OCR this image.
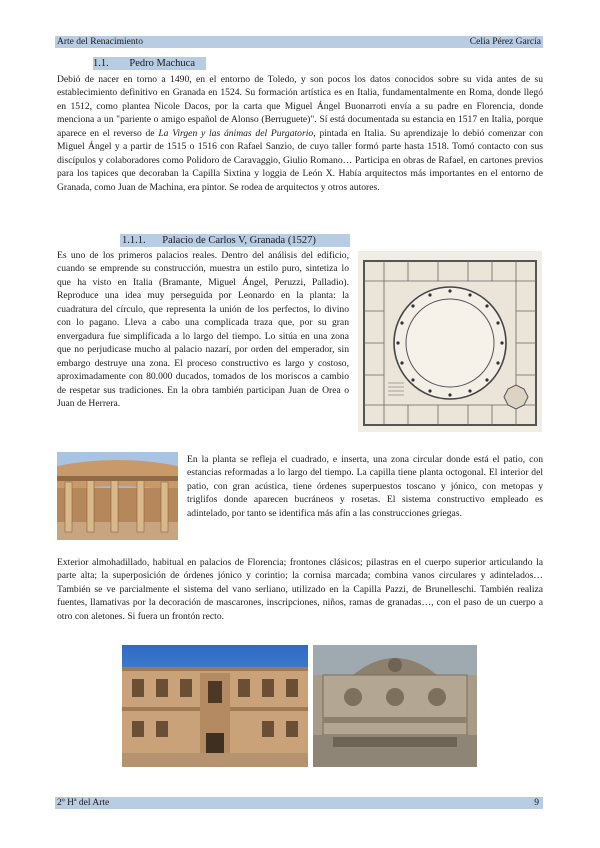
Arte del Renacimiento	Celia Pérez García
1.1. Pedro Machuca

Debió de nacer en torno a 1490, en el entorno de Toledo, y son pocos los datos conocidos sobre su vida antes de su establecimiento definitivo en Granada en 1524. Su formación artística es en Italia, fundamentalmente en Roma, donde llegó en 1512, como plantea Nicole Dacos, por la carta que Miguel Ángel Buonarroti envía a su padre en Florencia, donde menciona a un "pariente o amigo español de Alonso (Berruguete)". Sí está documentada su estancia en 1517 en Italia, porque aparece en el reverso de La Virgen y las ánimas del Purgatorio, pintada en Italia. Su aprendizaje lo debió comenzar con Miguel Ángel y a partir de 1515 o 1516 con Rafael Sanzio, de cuyo taller formó parte hasta 1518. Tomó contacto con sus discípulos y colaboradores como Polidoro de Caravaggio, Giulio Romano… Participa en obras de Rafael, en cartones previos para los tapices que decoraban la Capilla Sixtina y loggia de León X. Había arquitectos más importantes en el entorno de Granada, como Juan de Machina, era pintor. Se rodea de arquitectos y otros autores.

1.1.1. Palacio de Carlos V, Granada (1527)

Es uno de los primeros palacios reales. Dentro del análisis del edificio, cuando se emprende su construcción, muestra un estilo puro, sintetiza lo que ha visto en Italia (Bramante, Miguel Ángel, Peruzzi, Palladio). Reproduce una idea muy perseguida por Leonardo en la planta: la cuadratura del círculo, que representa la unión de los perfectos, lo divino con lo pagano. Lleva a cabo una complicada traza que, por su gran envergadura fue simplificada a lo largo del tiempo. Lo sitúa en una zona que no perjudicase mucho al palacio nazarí, por orden del emperador, sin embargo destruye una zona. El proceso constructivo es largo y costoso, aproximadamente con 80.000 ducados, tomados de los moriscos a cambio de respetar sus tradiciones. En la obra también participan Juan de Orea o Juan de Herrera.

En la planta se refleja el cuadrado, e inserta, una zona circular donde está el patio, con estancias reformadas a lo largo del tiempo. La capilla tiene planta octogonal. El interior del patio, con gran acústica, tiene órdenes superpuestos toscano y jónico, con metopas y triglifos donde aparecen bucráneos y rosetas. El sistema constructivo empleado es adintelado, por tanto se identifica más afín a las construcciones griegas.

Exterior almohadillado, habitual en palacios de Florencia; frontones clásicos; pilastras en el cuerpo superior articulando la parte alta; la superposición de órdenes jónico y corintio; la cornisa marcada; combina vanos circulares y adintelados… También se ve parcialmente el sistema del vano serliano, utilizado en la Capilla Pazzi, de Brunelleschi. También realiza fuentes, llamativas por la decoración de mascarones, inscripciones, niños, ramas de granadas…, con el paso de un cuerpo a otro con aletones. Si fuera un frontón recto.

2º Hª del Arte	9
